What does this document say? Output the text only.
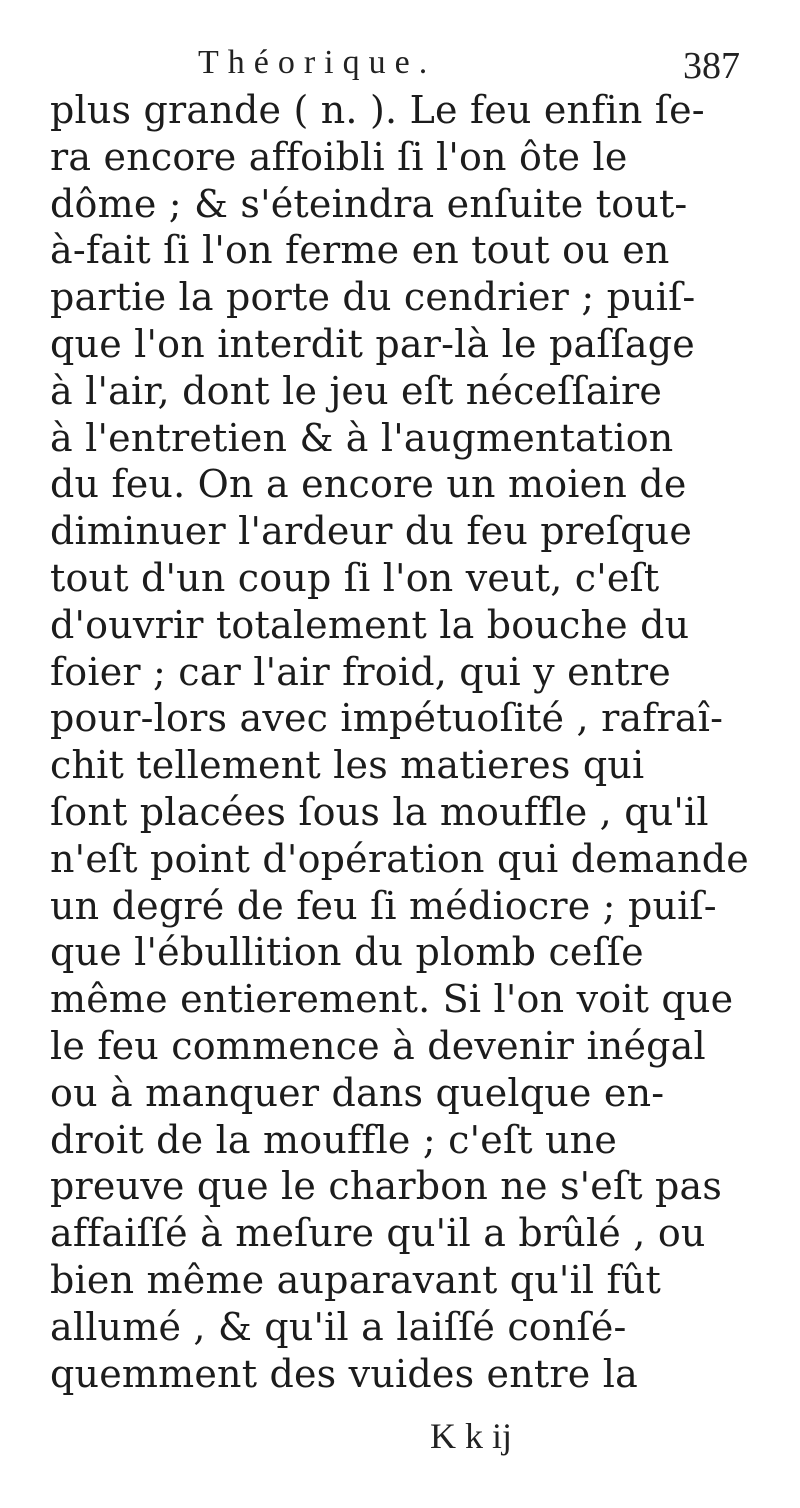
Théorique.	387
plus grande ( n. ). Le feu enfin ſe-
ra encore affoibli ſi l'on ôte le
dôme ; & s'éteindra enſuite tout-
à-fait ſi l'on ferme en tout ou en
partie la porte du cendrier ; puiſ-
que l'on interdit par-là le paſſage
à l'air, dont le jeu eſt néceſſaire
à l'entretien & à l'augmentation
du feu. On a encore un moien de
diminuer l'ardeur du feu preſque
tout d'un coup ſi l'on veut, c'eſt
d'ouvrir totalement la bouche du
foier ; car l'air froid, qui y entre
pour-lors avec impétuoſité , rafraî-
chit tellement les matieres qui
ſont placées ſous la mouffle , qu'il
n'eſt point d'opération qui demande
un degré de feu ſi médiocre ; puiſ-
que l'ébullition du plomb ceſſe
même entierement. Si l'on voit que
le feu commence à devenir inégal
ou à manquer dans quelque en-
droit de la mouffle ; c'eſt une
preuve que le charbon ne s'eſt pas
affaiſſé à meſure qu'il a brûlé , ou
bien même auparavant qu'il fût
allumé , & qu'il a laiſſé conſé-
quemment des vuides entre la
K k ij
